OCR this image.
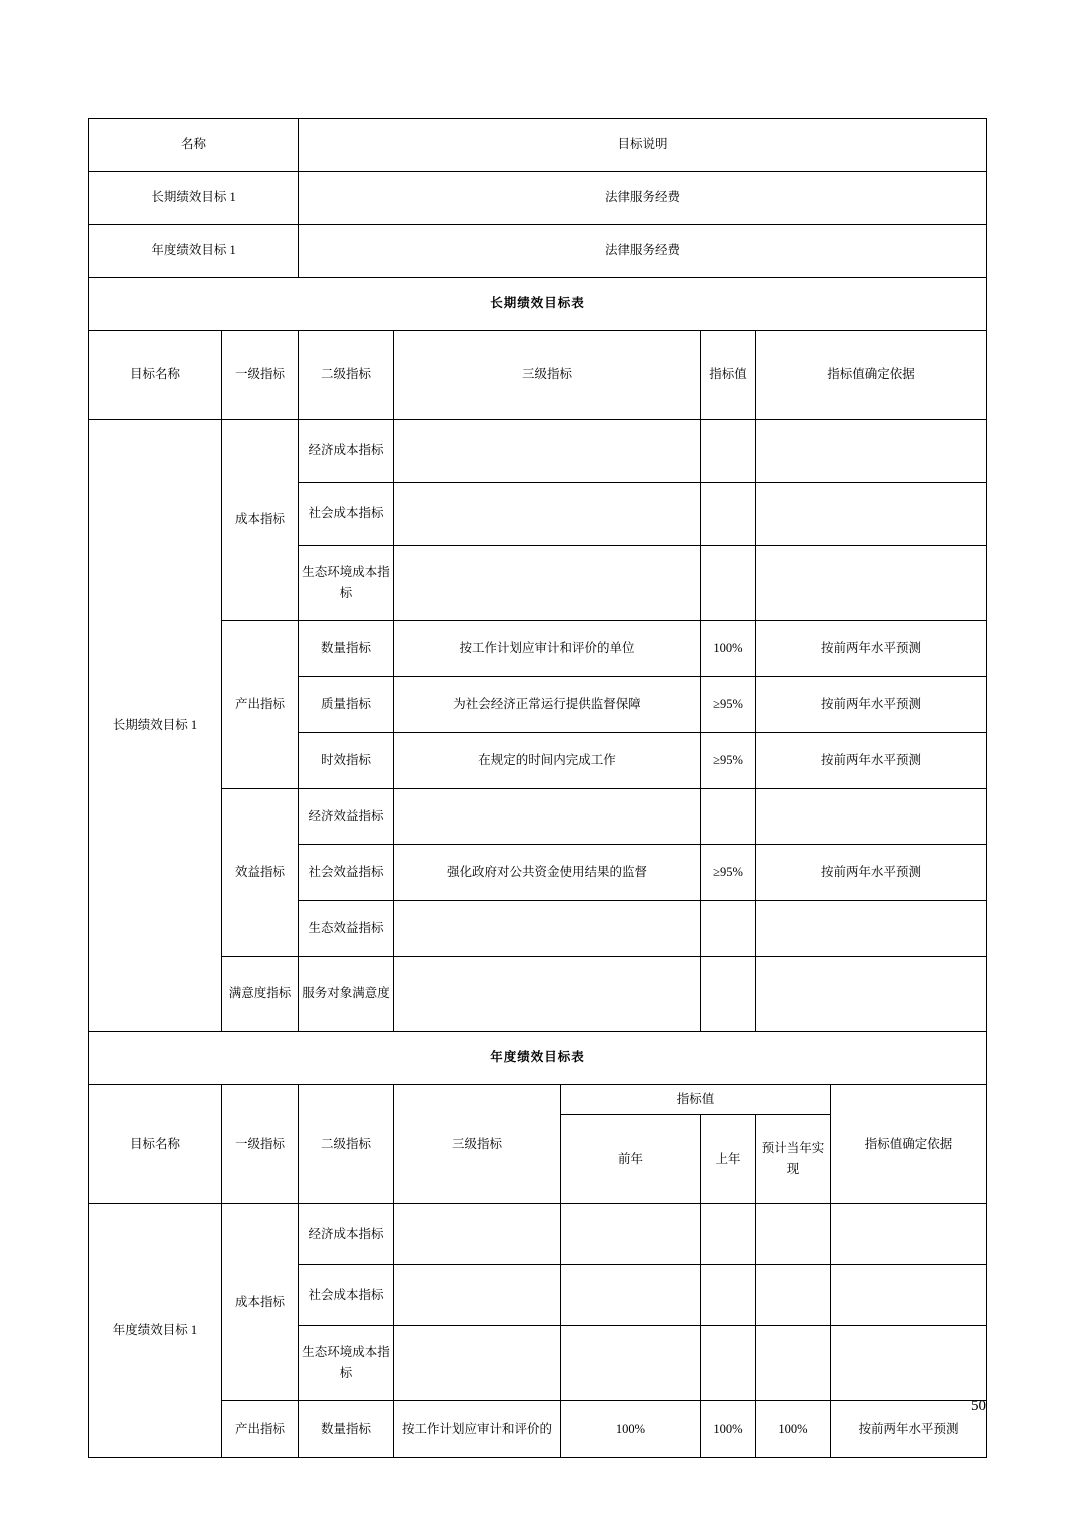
名称		目标说明					
长期绩效目标 1		法律服务经费					
年度绩效目标 1		法律服务经费					
长期绩效目标表							
目标名称	一级指标	二级指标	三级指标		指标值	指标值确定依据	
长期绩效目标 1	成本指标	经济成本指标					
		社会成本指标					
		生态环境成本指标					
	产出指标	数量指标	按工作计划应审计和评价的单位		100%	按前两年水平预测	
		质量指标	为社会经济正常运行提供监督保障		≥95%	按前两年水平预测	
		时效指标	在规定的时间内完成工作		≥95%	按前两年水平预测	
	效益指标	经济效益指标					
		社会效益指标	强化政府对公共资金使用结果的监督		≥95%	按前两年水平预测	
		生态效益指标					
	满意度指标	服务对象满意度					
年度绩效目标表							
目标名称	一级指标	二级指标	三级指标	指标值			指标值确定依据
				前年	上年	预计当年实现	
年度绩效目标 1	成本指标	经济成本指标					
		社会成本指标					
		生态环境成本指标					
	产出指标	数量指标	按工作计划应审计和评价的	100%	100%	100%	按前两年水平预测
50
